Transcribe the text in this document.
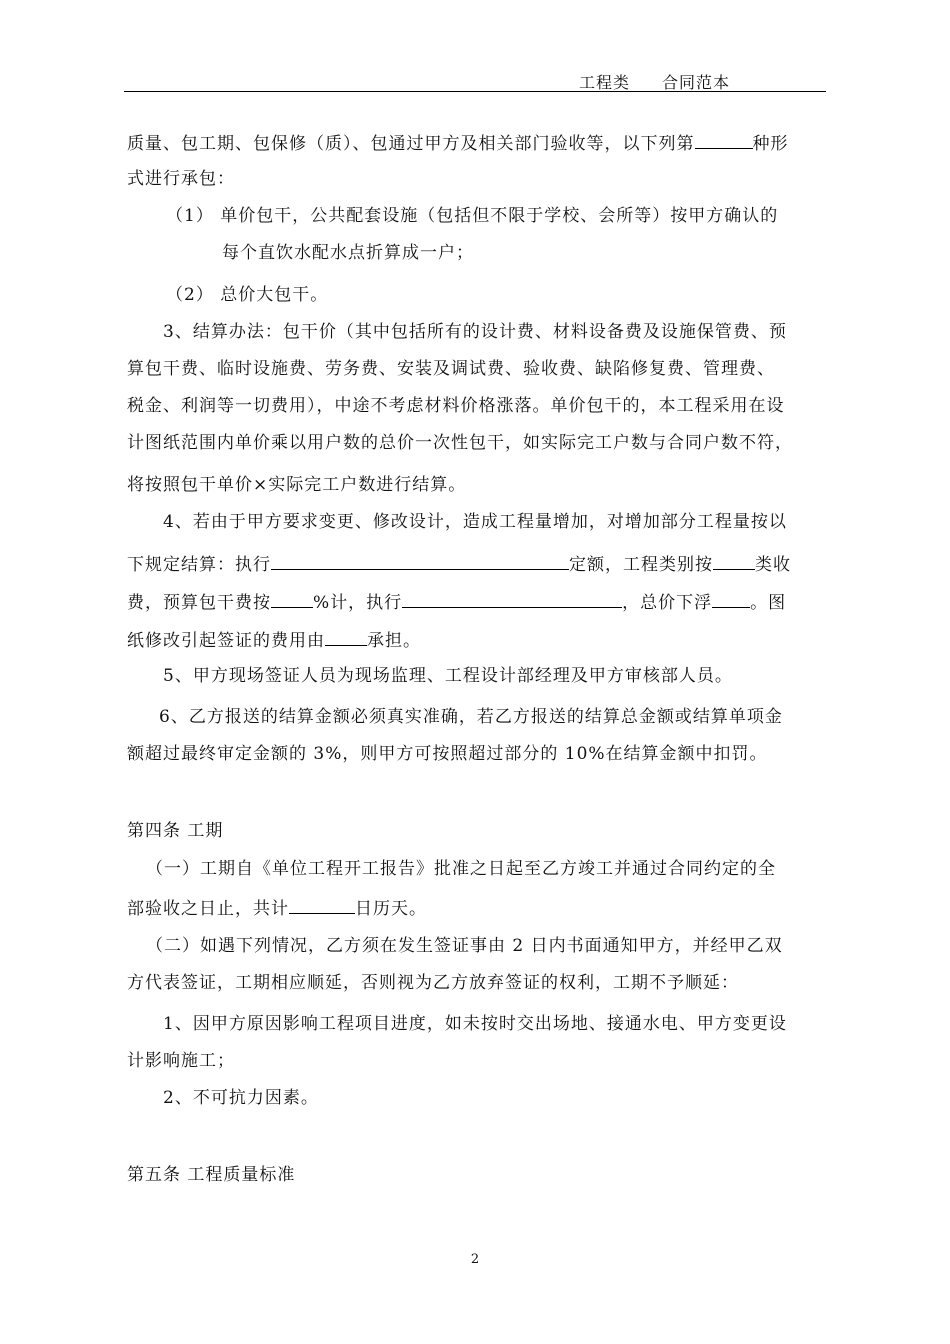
工程类 合同范本
质量、包工期、包保修（质）、包通过甲方及相关部门验收等，以下列第	种形
式进行承包：
（1） 单价包干，公共配套设施（包括但不限于学校、会所等）按甲方确认的
每个直饮水配水点折算成一户；
（2） 总价大包干。
3、结算办法：包干价（其中包括所有的设计费、材料设备费及设施保管费、预
算包干费、临时设施费、劳务费、安装及调试费、验收费、缺陷修复费、管理费、
税金、利润等一切费用），中途不考虑材料价格涨落。单价包干的，本工程采用在设
计图纸范围内单价乘以用户数的总价一次性包干，如实际完工户数与合同户数不符，
将按照包干单价×实际完工户数进行结算。
4、若由于甲方要求变更、修改设计，造成工程量增加，对增加部分工程量按以
下规定结算：执行	定额，工程类别按 类收
费，预算包干费按 %计，执行	，总价下浮 。图
纸修改引起签证的费用由 承担。
5、甲方现场签证人员为现场监理、工程设计部经理及甲方审核部人员。
6、乙方报送的结算金额必须真实准确，若乙方报送的结算总金额或结算单项金
额超过最终审定金额的 3%，则甲方可按照超过部分的 10%在结算金额中扣罚。
第四条 工期
（一）工期自《单位工程开工报告》批准之日起至乙方竣工并通过合同约定的全
部验收之日止，共计	日历天。
（二）如遇下列情况，乙方须在发生签证事由 2 日内书面通知甲方，并经甲乙双
方代表签证，工期相应顺延，否则视为乙方放弃签证的权利，工期不予顺延：
1、因甲方原因影响工程项目进度，如未按时交出场地、接通水电、甲方变更设
计影响施工；
2、不可抗力因素。
第五条 工程质量标准
2
